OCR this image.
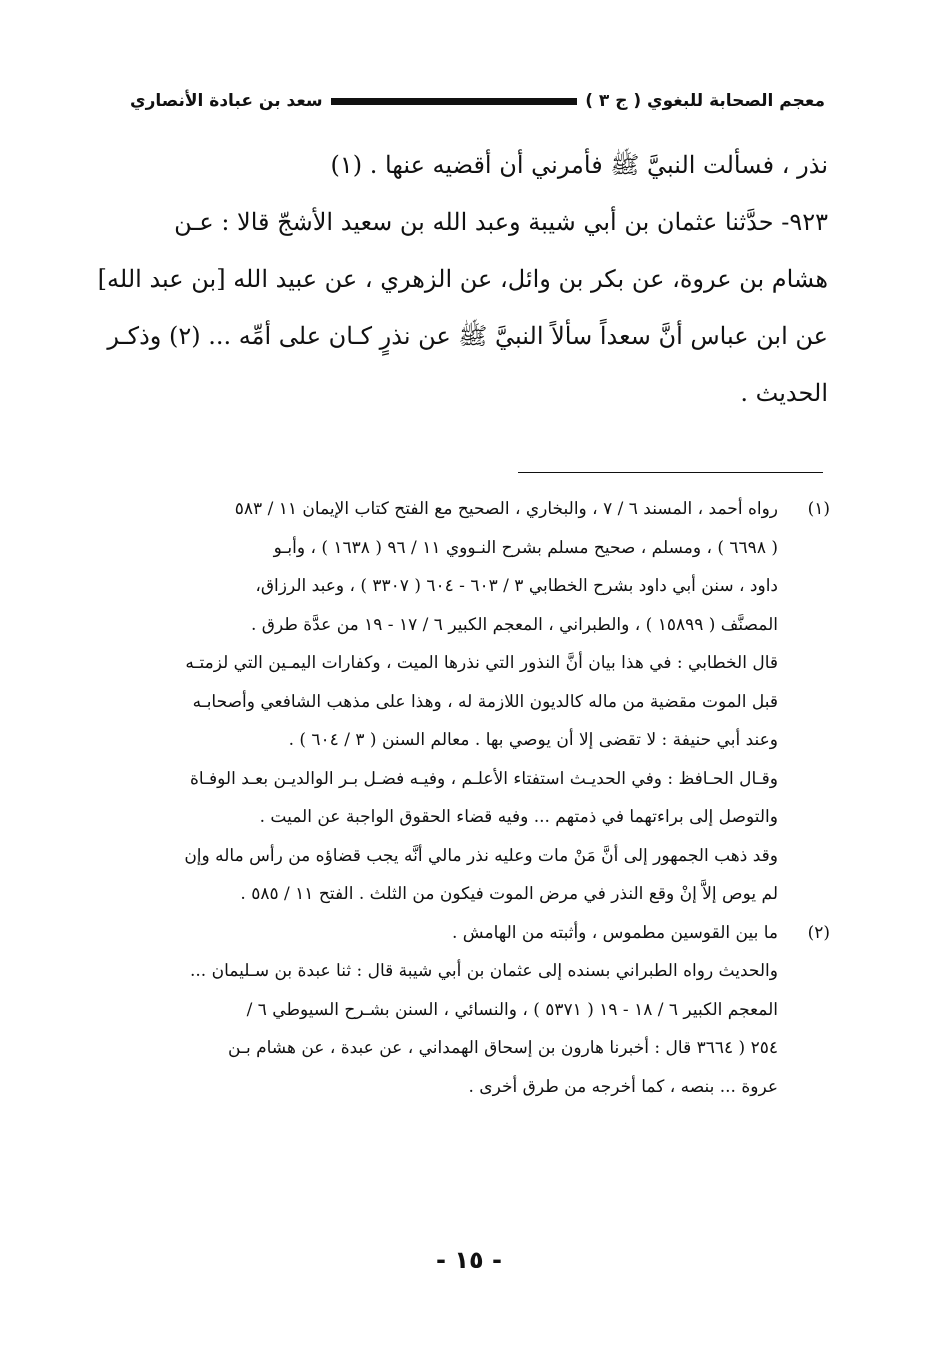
معجم الصحابة للبغوي ( ج ٣ )
سعد بن عبادة الأنصاري
نذر ، فسألت النبيَّ ﷺ فأمرني أن أقضيه عنها . (١)
٩٢٣- حدَّثنا عثمان بن أبي شيبة وعبد الله بن سعيد الأشجّ قالا : عـن
هشام بن عروة، عن بكر بن وائل، عن الزهري ، عن عبيد الله [بن عبد الله]
عن ابن عباس أنَّ سعداً سألاً النبيَّ ﷺ عن نذرٍ كـان على أمِّه ... (٢) وذكـر
الحديث .
(١)
رواه أحمد ، المسند ٦ / ٧ ، والبخاري ، الصحيح مع الفتح كتاب الإيمان ١١ / ٥٨٣
( ٦٦٩٨ ) ، ومسلم ، صحيح مسلم بشرح النـووي ١١ / ٩٦ ( ١٦٣٨ ) ، وأبـو
داود ، سنن أبي داود بشرح الخطابي ٣ / ٦٠٣ - ٦٠٤ ( ٣٣٠٧ ) ، وعبد الرزاق،
المصنَّف ( ١٥٨٩٩ ) ، والطبراني ، المعجم الكبير ٦ / ١٧ - ١٩ من عدَّة طرق .
قال الخطابي : في هذا بيان أنَّ النذور التي نذرها الميت ، وكفارات اليمـين التي لزمتـه
قبل الموت مقضية من ماله كالديون اللازمة له ، وهذا على مذهب الشافعي وأصحابـه
وعند أبي حنيفة : لا تقضى إلا أن يوصي بها . معالم السنن ( ٣ / ٦٠٤ ) .
وقـال الحـافظ : وفي الحديـث استفتاء الأعلـم ، وفيـه فضـل بـر الوالديـن بعـد الوفـاة
والتوصل إلى براءتهما في ذمتهم ... وفيه قضاء الحقوق الواجبة عن الميت .
وقد ذهب الجمهور إلى أنَّ مَنْ مات وعليه نذر مالي أنَّه يجب قضاؤه من رأس ماله وإن
لم يوص إلاَّ إنْ وقع النذر في مرض الموت فيكون من الثلث . الفتح ١١ / ٥٨٥ .
(٢)
ما بين القوسين مطموس ، وأثبته من الهامش .
والحديث رواه الطبراني بسنده إلى عثمان بن أبي شيبة قال : ثنا عبدة بن سـليمان ...
المعجم الكبير ٦ / ١٨ - ١٩ ( ٥٣٧١ ) ، والنسائي ، السنن بشـرح السيوطي ٦ /
٢٥٤ ( ٣٦٦٤ قال : أخبرنا هارون بن إسحاق الهمداني ، عن عبدة ، عن هشام بـن
عروة ... بنصه ، كما أخرجه من طرق أخرى .
- ١٥ -
